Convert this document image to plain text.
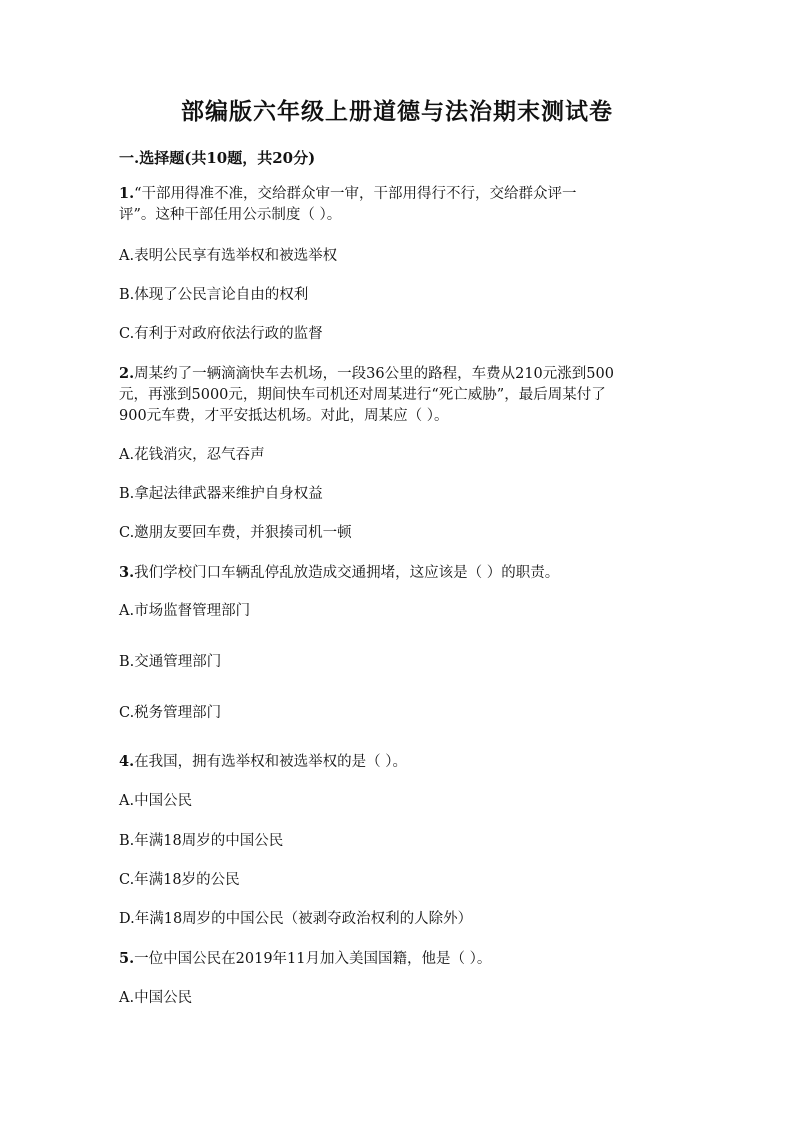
部编版六年级上册道德与法治期末测试卷
一.选择题(共10题，共20分)
1.“干部用得准不准，交给群众审一审，干部用得行不行，交给群众评一
评”。这种干部任用公示制度（ ）。
A.表明公民享有选举权和被选举权
B.体现了公民言论自由的权利
C.有利于对政府依法行政的监督
2.周某约了一辆滴滴快车去机场，一段36公里的路程，车费从210元涨到500
元，再涨到5000元，期间快车司机还对周某进行“死亡威胁”，最后周某付了
900元车费，才平安抵达机场。对此，周某应（ ）。
A.花钱消灾，忍气吞声
B.拿起法律武器来维护自身权益
C.邀朋友要回车费，并狠揍司机一顿
3.我们学校门口车辆乱停乱放造成交通拥堵，这应该是（ ）的职责。
A.市场监督管理部门
B.交通管理部门
C.税务管理部门
4.在我国，拥有选举权和被选举权的是（ ）。
A.中国公民
B.年满18周岁的中国公民
C.年满18岁的公民
D.年满18周岁的中国公民（被剥夺政治权利的人除外）
5.一位中国公民在2019年11月加入美国国籍，他是（ ）。
A.中国公民
